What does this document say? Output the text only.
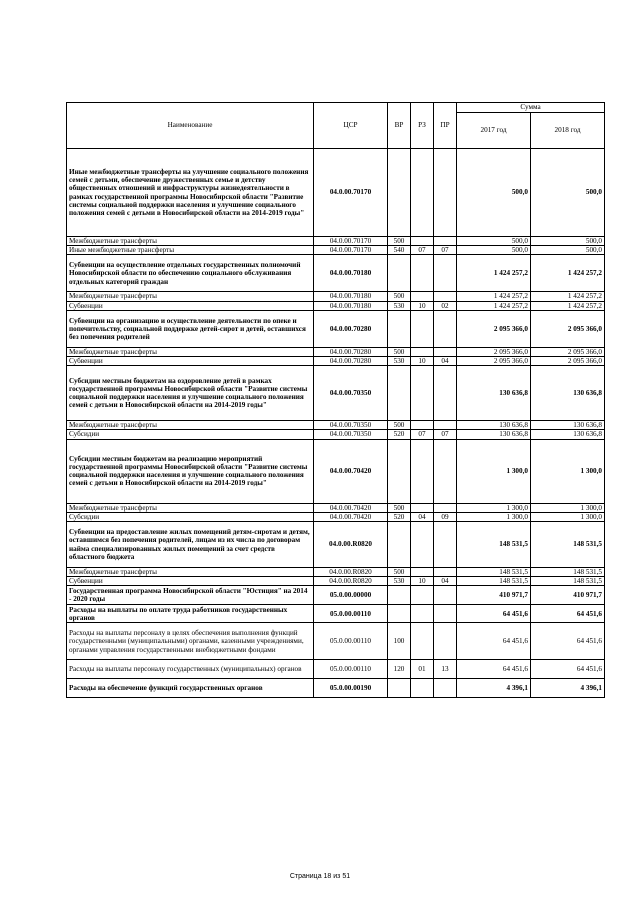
Наименование	ЦСР	ВР	РЗ	ПР	Сумма	
					2017 год	2018 год
Иные межбюджетные трансферты на улучшение социального положения семей с детьми, обеспечение дружественных семье и детству общественных отношений и инфраструктуры жизнедеятельности в рамках государственной программы Новосибирской области "Развитие системы социальной поддержки населения и улучшение социального положения семей с детьми в Новосибирской области на 2014-2019 годы"	04.0.00.70170				500,0	500,0
Межбюджетные трансферты	04.0.00.70170	500			500,0	500,0
Иные межбюджетные трансферты	04.0.00.70170	540	07	07	500,0	500,0
Субвенции на осуществление отдельных государственных полномочий Новосибирской области по обеспечению социального обслуживания отдельных категорий граждан	04.0.00.70180				1 424 257,2	1 424 257,2
Межбюджетные трансферты	04.0.00.70180	500			1 424 257,2	1 424 257,2
Субвенции	04.0.00.70180	530	10	02	1 424 257,2	1 424 257,2
Субвенции на организацию и осуществление деятельности по опеке и попечительству, социальной поддержке детей-сирот и детей, оставшихся без попечения родителей	04.0.00.70280				2 095 366,0	2 095 366,0
Межбюджетные трансферты	04.0.00.70280	500			2 095 366,0	2 095 366,0
Субвенции	04.0.00.70280	530	10	04	2 095 366,0	2 095 366,0
Субсидии местным бюджетам на оздоровление детей в рамках государственной программы Новосибирской области "Развитие системы социальной поддержки населения и улучшение социального положения семей с детьми в Новосибирской области на 2014-2019 годы"	04.0.00.70350				130 636,8	130 636,8
Межбюджетные трансферты	04.0.00.70350	500			130 636,8	130 636,8
Субсидии	04.0.00.70350	520	07	07	130 636,8	130 636,8
Субсидии местным бюджетам на реализацию мероприятий государственной программы Новосибирской области "Развитие системы социальной поддержки населения и улучшение социального положения семей с детьми в Новосибирской области на 2014-2019 годы"	04.0.00.70420				1 300,0	1 300,0
Межбюджетные трансферты	04.0.00.70420	500			1 300,0	1 300,0
Субсидии	04.0.00.70420	520	04	09	1 300,0	1 300,0
Субвенции на предоставление жилых помещений детям-сиротам и детям, оставшимся без попечения родителей, лицам из их числа по договорам найма специализированных жилых помещений за счет средств областного бюджета	04.0.00.R0820				148 531,5	148 531,5
Межбюджетные трансферты	04.0.00.R0820	500			148 531,5	148 531,5
Субвенции	04.0.00.R0820	530	10	04	148 531,5	148 531,5
Государственная программа Новосибирской области "Юстиция" на 2014 - 2020 годы	05.0.00.00000				410 971,7	410 971,7
Расходы на выплаты по оплате труда работников государственных органов	05.0.00.00110				64 451,6	64 451,6
Расходы на выплаты персоналу в целях обеспечения выполнения функций государственными (муниципальными) органами, казенными учреждениями, органами управления государственными внебюджетными фондами	05.0.00.00110	100			64 451,6	64 451,6
Расходы на выплаты персоналу государственных (муниципальных) органов	05.0.00.00110	120	01	13	64 451,6	64 451,6
Расходы на обеспечение функций государственных органов	05.0.00.00190				4 396,1	4 396,1
Страница 18 из 51
